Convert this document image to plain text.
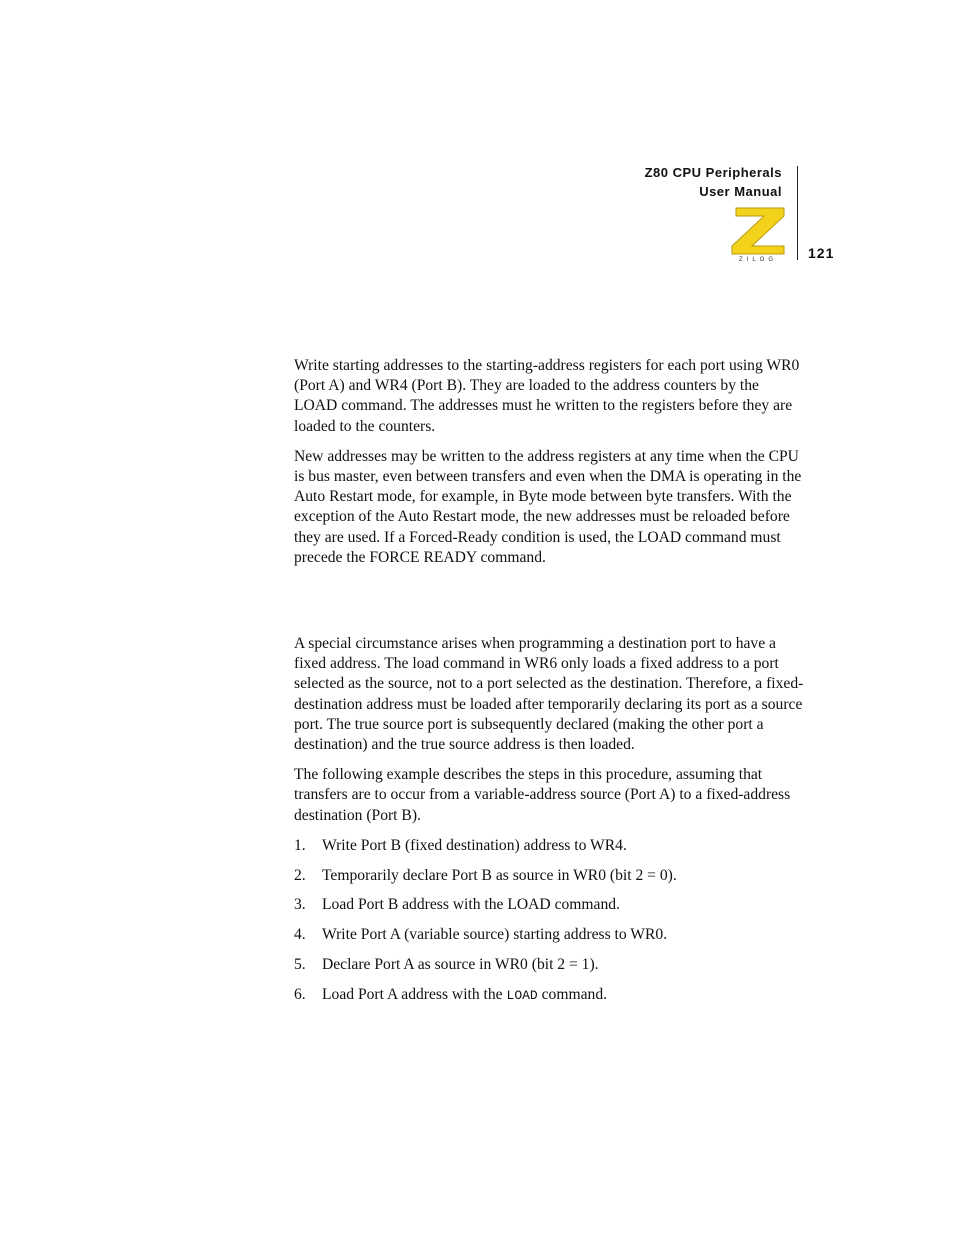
Z80 CPU Peripherals
User Manual
ZILOG 121

Write starting addresses to the starting-address registers for each port using WR0 (Port A) and WR4 (Port B). They are loaded to the address counters by the LOAD command. The addresses must he written to the registers before they are loaded to the counters.

New addresses may be written to the address registers at any time when the CPU is bus master, even between transfers and even when the DMA is operating in the Auto Restart mode, for example, in Byte mode between byte transfers. With the exception of the Auto Restart mode, the new addresses must be reloaded before they are used. If a Forced-Ready condition is used, the LOAD command must precede the FORCE READY command.

A special circumstance arises when programming a destination port to have a fixed address. The load command in WR6 only loads a fixed address to a port selected as the source, not to a port selected as the destination. Therefore, a fixed-destination address must be loaded after temporarily declaring its port as a source port. The true source port is subsequently declared (making the other port a destination) and the true source address is then loaded.

The following example describes the steps in this procedure, assuming that transfers are to occur from a variable-address source (Port A) to a fixed-address destination (Port B).

1.	Write Port B (fixed destination) address to WR4.
2.	Temporarily declare Port B as source in WR0 (bit 2 = 0).
3.	Load Port B address with the LOAD command.
4.	Write Port A (variable source) starting address to WR0.
5.	Declare Port A as source in WR0 (bit 2 = 1).
6.	Load Port A address with the LOAD command.
